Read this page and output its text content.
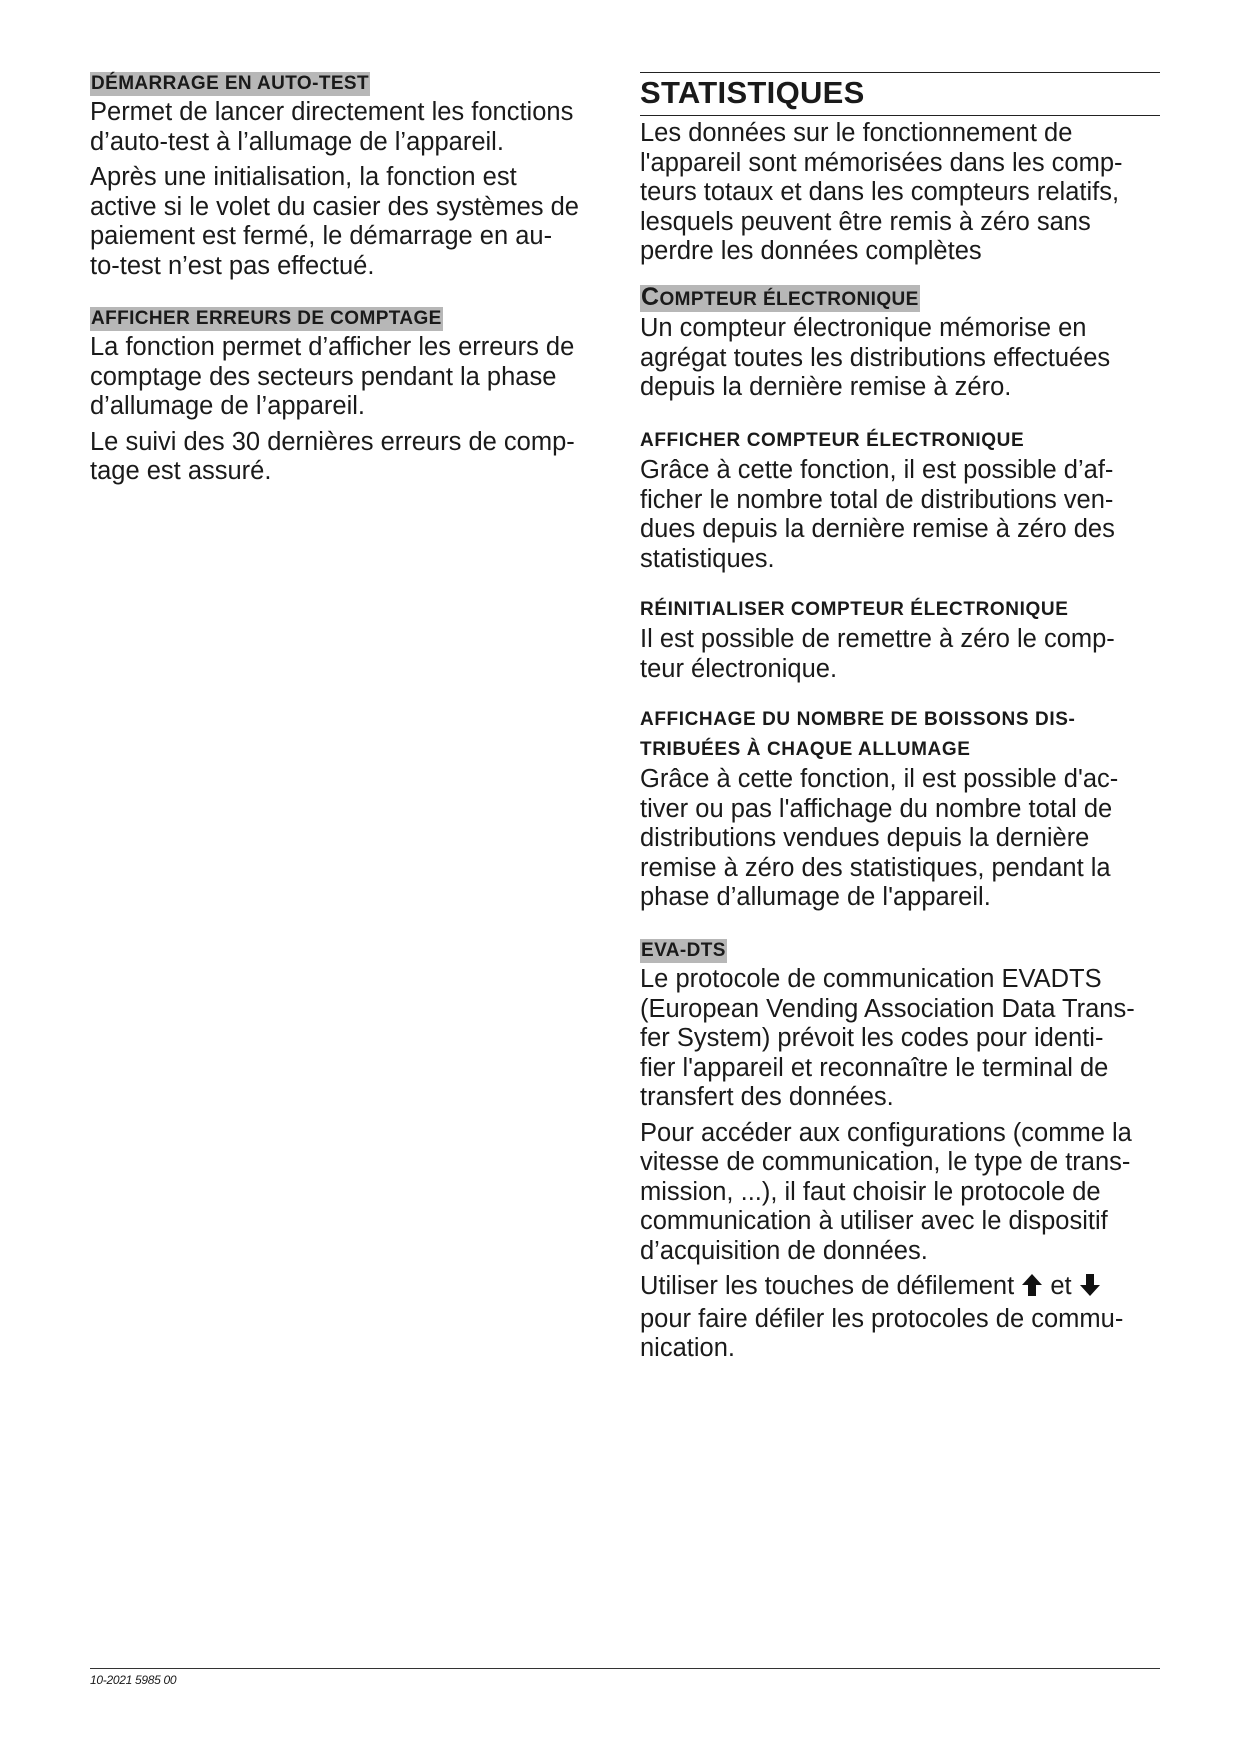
DÉMARRAGE EN AUTO-TEST

Permet de lancer directement les fonctions
d’auto-test à l’allumage de l’appareil.

Après une initialisation, la fonction est
active si le volet du casier des systèmes de
paiement est fermé, le démarrage en au-
to-test n’est pas effectué.

AFFICHER ERREURS DE COMPTAGE

La fonction permet d’afficher les erreurs de
comptage des secteurs pendant la phase
d’allumage de l’appareil.

Le suivi des 30 dernières erreurs de comp-
tage est assuré.

STATISTIQUES

Les données sur le fonctionnement de
l'appareil sont mémorisées dans les comp-
teurs totaux et dans les compteurs relatifs,
lesquels peuvent être remis à zéro sans
perdre les données complètes

COMPTEUR ÉLECTRONIQUE

Un compteur électronique mémorise en
agrégat toutes les distributions effectuées
depuis la dernière remise à zéro.

AFFICHER COMPTEUR ÉLECTRONIQUE

Grâce à cette fonction, il est possible d’af-
ficher le nombre total de distributions ven-
dues depuis la dernière remise à zéro des
statistiques.

RÉINITIALISER COMPTEUR ÉLECTRONIQUE

Il est possible de remettre à zéro le comp-
teur électronique.

AFFICHAGE DU NOMBRE DE BOISSONS DIS-
TRIBUÉES À CHAQUE ALLUMAGE

Grâce à cette fonction, il est possible d'ac-
tiver ou pas l'affichage du nombre total de
distributions vendues depuis la dernière
remise à zéro des statistiques, pendant la
phase d’allumage de l'appareil.

EVA-DTS

Le protocole de communication EVADTS
(European Vending Association Data Trans-
fer System) prévoit les codes pour identi-
fier l'appareil et reconnaître le terminal de
transfert des données.

Pour accéder aux configurations (comme la
vitesse de communication, le type de trans-
mission, ...), il faut choisir le protocole de
communication à utiliser avec le dispositif
d’acquisition de données.

Utiliser les touches de défilement  et
pour faire défiler les protocoles de commu-
nication.

10-2021 5985 00
